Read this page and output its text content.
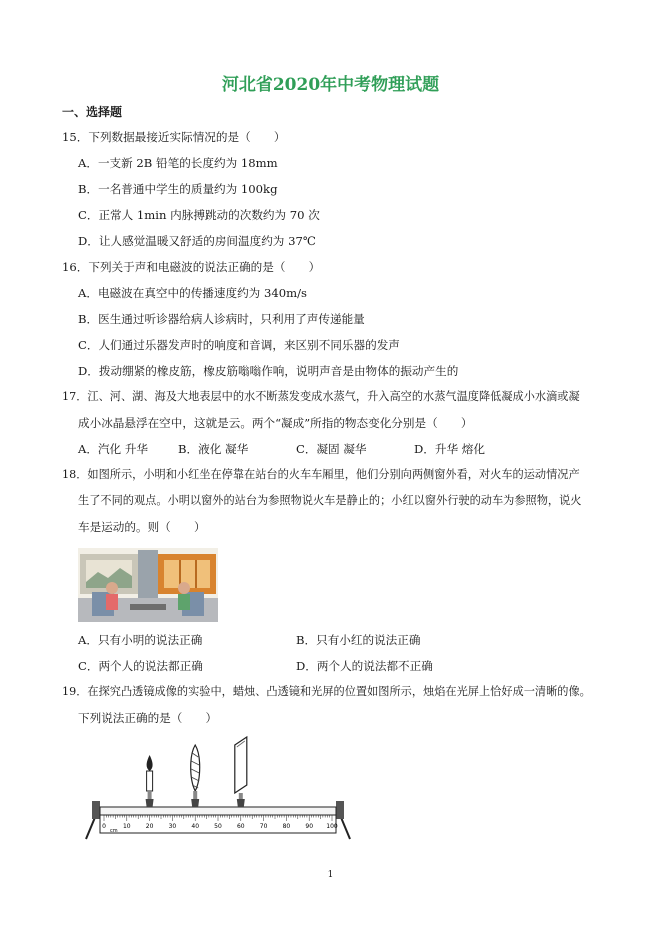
河北省2020年中考物理试题
一、选择题
15．下列数据最接近实际情况的是（　　）
A．一支新 2B 铅笔的长度约为 18mm
B．一名普通中学生的质量约为 100kg
C．正常人 1min 内脉搏跳动的次数约为 70 次
D．让人感觉温暖又舒适的房间温度约为 37℃
16．下列关于声和电磁波的说法正确的是（　　）
A．电磁波在真空中的传播速度约为 340m/s
B．医生通过听诊器给病人诊病时，只利用了声传递能量
C．人们通过乐器发声时的响度和音调，来区别不同乐器的发声
D．拨动绷紧的橡皮筋，橡皮筋嗡嗡作响，说明声音是由物体的振动产生的
17．江、河、湖、海及大地表层中的水不断蒸发变成水蒸气，升入高空的水蒸气温度降低凝成小水滴或凝
成小冰晶悬浮在空中，这就是云。两个“凝成”所指的物态变化分别是（　　）
A．汽化 升华	B．液化 凝华	C．凝固 凝华	D．升华 熔化
18．如图所示，小明和小红坐在停靠在站台的火车车厢里，他们分别向两侧窗外看，对火车的运动情况产
生了不同的观点。小明以窗外的站台为参照物说火车是静止的；小红以窗外行驶的动车为参照物，说火
车是运动的。则（　　）
A．只有小明的说法正确	B．只有小红的说法正确
C．两个人的说法都正确	D．两个人的说法都不正确
19．在探究凸透镜成像的实验中，蜡烛、凸透镜和光屏的位置如图所示，烛焰在光屏上恰好成一清晰的像。
下列说法正确的是（　　）
0	10	20	30	40	50	60	70	80	90 100
cm
1
